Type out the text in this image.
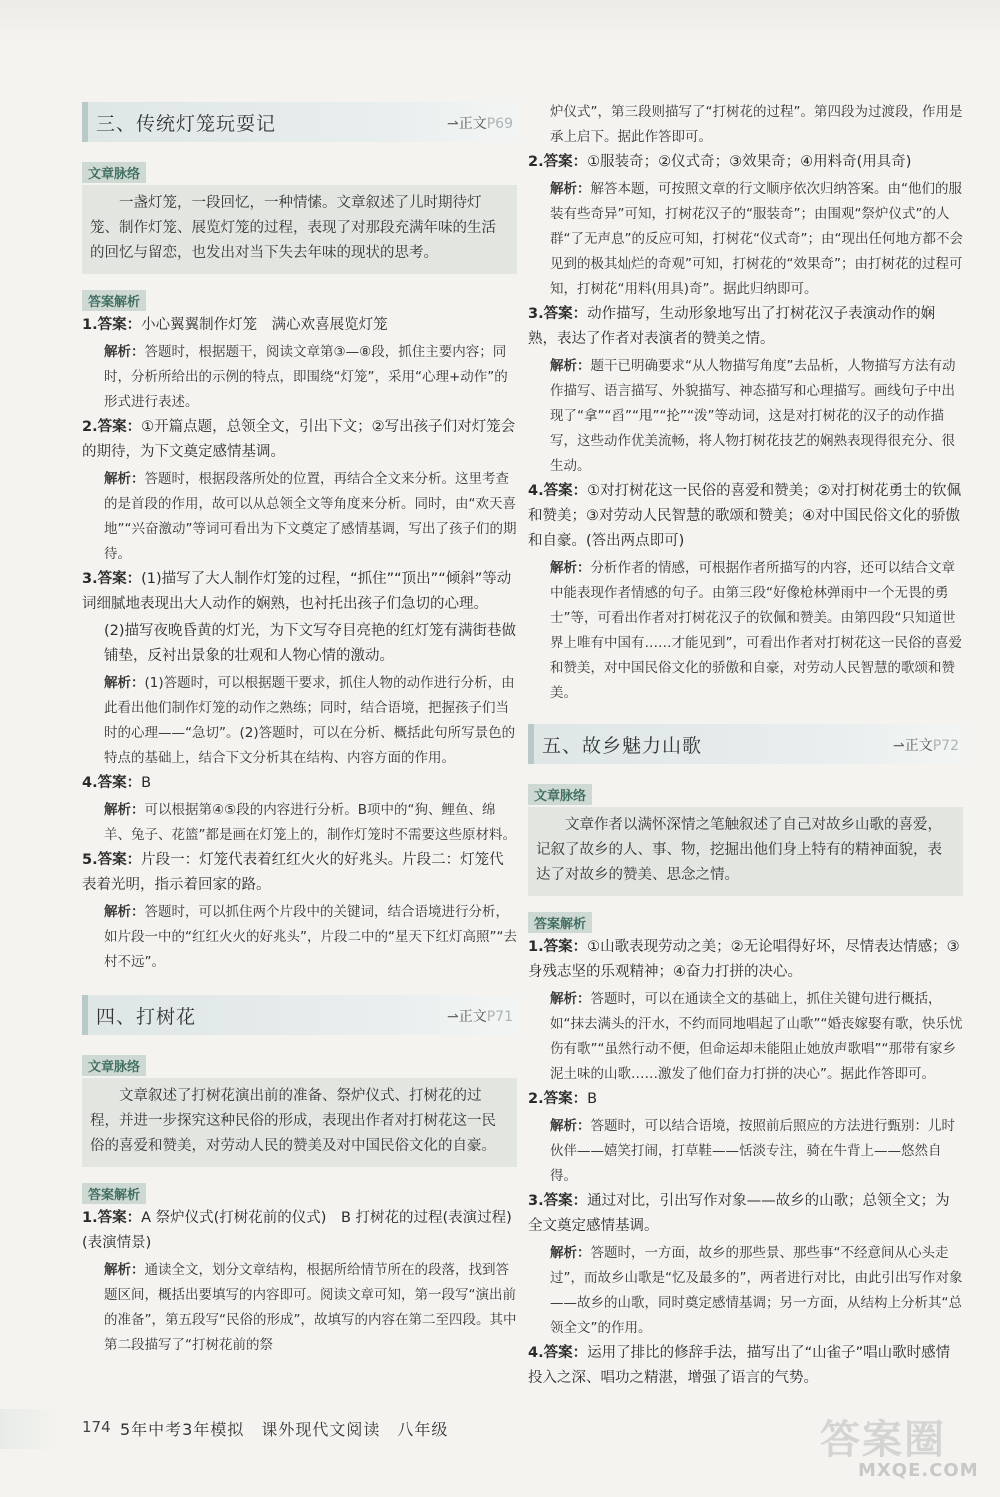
三、传统灯笼玩耍记	⇀正文P69
文章脉络
一盏灯笼，一段回忆，一种情愫。文章叙述了儿时期待灯笼、制作灯笼、展览灯笼的过程，表现了对那段充满年味的生活的回忆与留恋，也发出对当下失去年味的现状的思考。
答案解析
1.答案：小心翼翼制作灯笼　满心欢喜展览灯笼
解析：答题时，根据题干，阅读文章第③—⑧段，抓住主要内容；同时，分析所给出的示例的特点，即围绕“灯笼”，采用“心理+动作”的形式进行表述。
2.答案：①开篇点题，总领全文，引出下文；②写出孩子们对灯笼会的期待，为下文奠定感情基调。
解析：答题时，根据段落所处的位置，再结合全文来分析。这里考查的是首段的作用，故可以从总领全文等角度来分析。同时，由“欢天喜地”“兴奋激动”等词可看出为下文奠定了感情基调，写出了孩子们的期待。
3.答案：(1)描写了大人制作灯笼的过程，“抓住”“顶出”“倾斜”等动词细腻地表现出大人动作的娴熟，也衬托出孩子们急切的心理。
(2)描写夜晚昏黄的灯光，为下文写夺目亮艳的红灯笼有满街巷做铺垫，反衬出景象的壮观和人物心情的激动。
解析：(1)答题时，可以根据题干要求，抓住人物的动作进行分析，由此看出他们制作灯笼的动作之熟练；同时，结合语境，把握孩子们当时的心理——“急切”。(2)答题时，可以在分析、概括此句所写景色的特点的基础上，结合下文分析其在结构、内容方面的作用。
4.答案：B
解析：可以根据第④⑤段的内容进行分析。B项中的“狗、鲤鱼、绵羊、兔子、花篮”都是画在灯笼上的，制作灯笼时不需要这些原材料。
5.答案：片段一：灯笼代表着红红火火的好兆头。片段二：灯笼代表着光明，指示着回家的路。
解析：答题时，可以抓住两个片段中的关键词，结合语境进行分析，如片段一中的“红红火火的好兆头”，片段二中的“星天下红灯高照”“去村不远”。
四、打树花	⇀正文P71
文章脉络
文章叙述了打树花演出前的准备、祭炉仪式、打树花的过程，并进一步探究这种民俗的形成，表现出作者对打树花这一民俗的喜爱和赞美，对劳动人民的赞美及对中国民俗文化的自豪。
答案解析
1.答案：A 祭炉仪式(打树花前的仪式)　B 打树花的过程(表演过程)(表演情景)
解析：通读全文，划分文章结构，根据所给情节所在的段落，找到答题区间，概括出要填写的内容即可。阅读文章可知，第一段写“演出前的准备”，第五段写“民俗的形成”，故填写的内容在第二至四段。其中第二段描写了“打树花前的祭
炉仪式”，第三段则描写了“打树花的过程”。第四段为过渡段，作用是承上启下。据此作答即可。
2.答案：①服装奇；②仪式奇；③效果奇；④用料奇(用具奇)
解析：解答本题，可按照文章的行文顺序依次归纳答案。由“他们的服装有些奇异”可知，打树花汉子的“服装奇”；由围观“祭炉仪式”的人群“了无声息”的反应可知，打树花“仪式奇”；由“现出任何地方都不会见到的极其灿烂的奇观”可知，打树花的“效果奇”；由打树花的过程可知，打树花“用料(用具)奇”。据此归纳即可。
3.答案：动作描写，生动形象地写出了打树花汉子表演动作的娴熟，表达了作者对表演者的赞美之情。
解析：题干已明确要求“从人物描写角度”去品析，人物描写方法有动作描写、语言描写、外貌描写、神态描写和心理描写。画线句子中出现了“拿”“舀”“甩”“抡”“泼”等动词，这是对打树花的汉子的动作描写，这些动作优美流畅，将人物打树花技艺的娴熟表现得很充分、很生动。
4.答案：①对打树花这一民俗的喜爱和赞美；②对打树花勇士的钦佩和赞美；③对劳动人民智慧的歌颂和赞美；④对中国民俗文化的骄傲和自豪。(答出两点即可)
解析：分析作者的情感，可根据作者所描写的内容，还可以结合文章中能表现作者情感的句子。由第三段“好像枪林弹雨中一个无畏的勇士”等，可看出作者对打树花汉子的钦佩和赞美。由第四段“只知道世界上唯有中国有……才能见到”，可看出作者对打树花这一民俗的喜爱和赞美，对中国民俗文化的骄傲和自豪，对劳动人民智慧的歌颂和赞美。
五、故乡魅力山歌	⇀正文P72
文章脉络
文章作者以满怀深情之笔触叙述了自己对故乡山歌的喜爱，记叙了故乡的人、事、物，挖掘出他们身上特有的精神面貌，表达了对故乡的赞美、思念之情。
答案解析
1.答案：①山歌表现劳动之美；②无论唱得好坏，尽情表达情感；③身残志坚的乐观精神；④奋力打拼的决心。
解析：答题时，可以在通读全文的基础上，抓住关键句进行概括，如“抹去满头的汗水，不约而同地唱起了山歌”“婚丧嫁娶有歌，快乐忧伤有歌”“虽然行动不便，但命运却未能阻止她放声歌唱”“那带有家乡泥土味的山歌……激发了他们奋力打拼的决心”。据此作答即可。
2.答案：B
解析：答题时，可以结合语境，按照前后照应的方法进行甄别：儿时伙伴——嬉笑打闹，打草鞋——恬淡专注，骑在牛背上——悠然自得。
3.答案：通过对比，引出写作对象——故乡的山歌；总领全文；为全文奠定感情基调。
解析：答题时，一方面，故乡的那些景、那些事“不经意间从心头走过”，而故乡山歌是“忆及最多的”，两者进行对比，由此引出写作对象——故乡的山歌，同时奠定感情基调；另一方面，从结构上分析其“总领全文”的作用。
4.答案：运用了排比的修辞手法，描写出了“山雀子”唱山歌时感情投入之深、唱功之精湛，增强了语言的气势。
174 5年中考3年模拟　课外现代文阅读　八年级	答案圈
MXQE.COM
